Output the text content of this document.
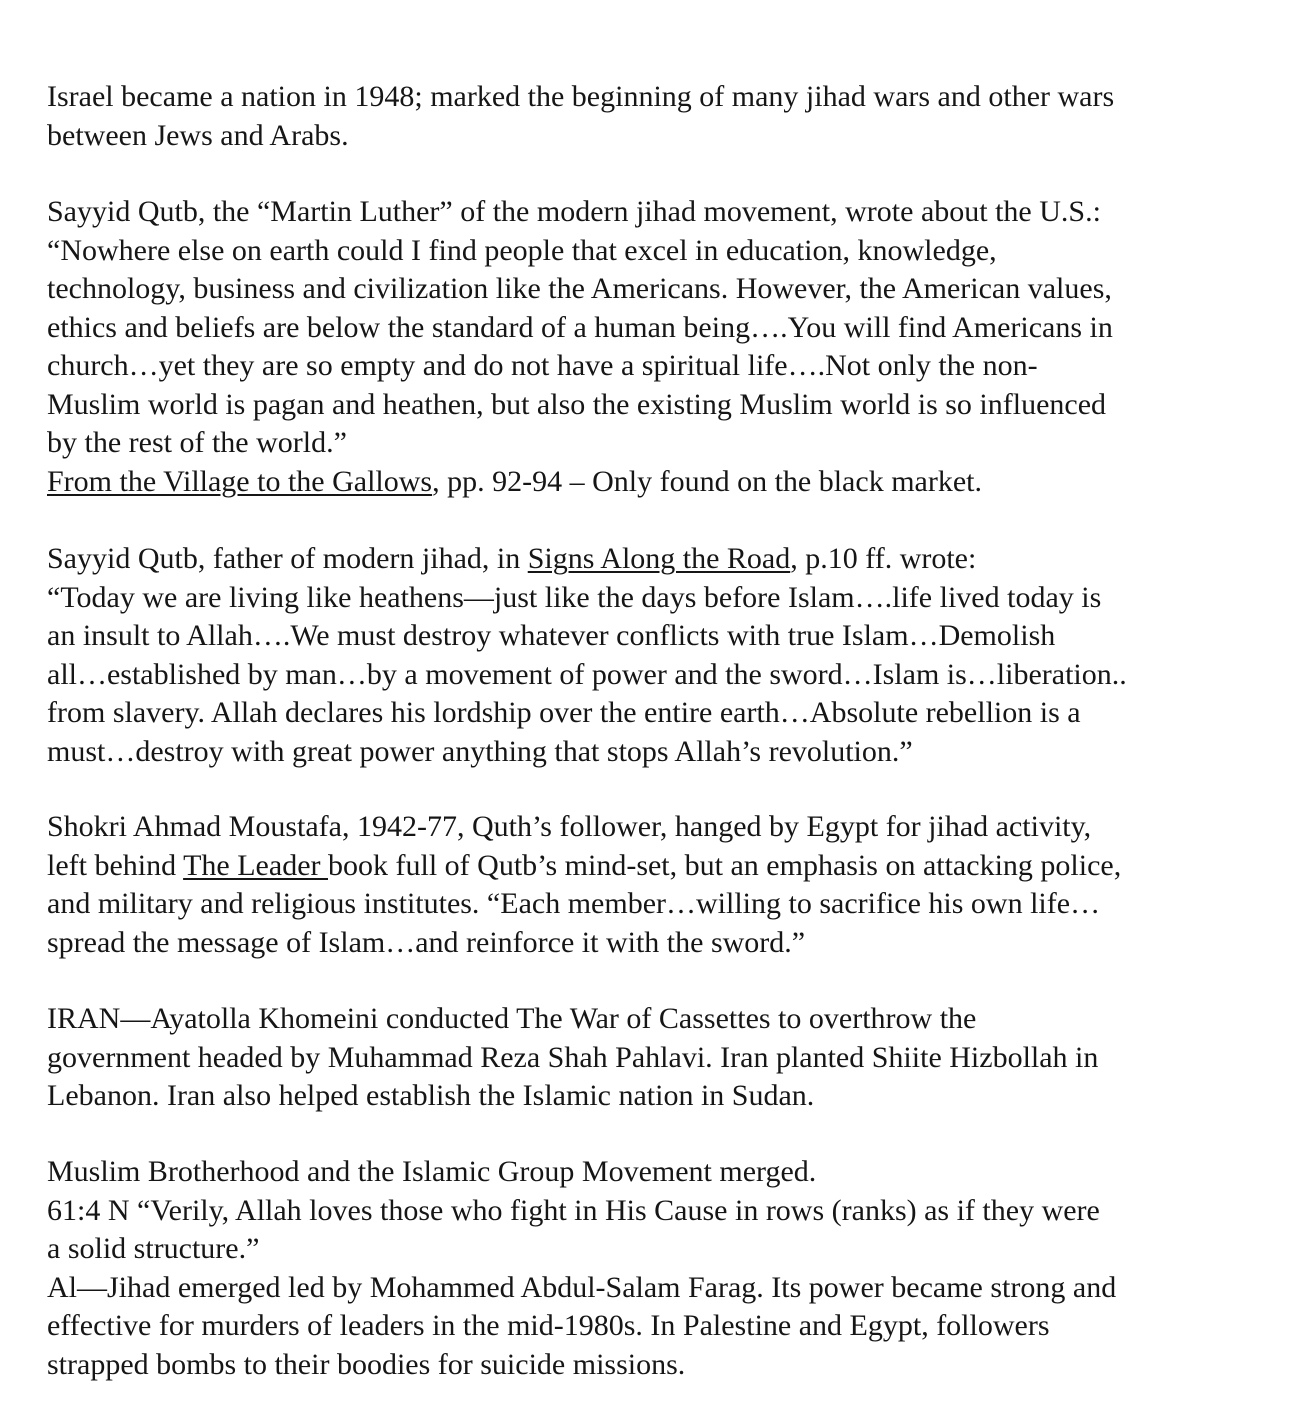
Israel became a nation in 1948; marked the beginning of many jihad wars and other wars
between Jews and Arabs.
Sayyid Qutb, the “Martin Luther” of the modern jihad movement, wrote about the U.S.:
“Nowhere else on earth could I find people that excel in education, knowledge,
technology, business and civilization like the Americans. However, the American values,
ethics and beliefs are below the standard of a human being….You will find Americans in
church…yet they are so empty and do not have a spiritual life….Not only the non-
Muslim world is pagan and heathen, but also the existing Muslim world is so influenced
by the rest of the world.”
From the Village to the Gallows, pp. 92-94 – Only found on the black market.
Sayyid Qutb, father of modern jihad, in Signs Along the Road, p.10 ff. wrote:
“Today we are living like heathens—just like the days before Islam….life lived today is
an insult to Allah….We must destroy whatever conflicts with true Islam…Demolish
all…established by man…by a movement of power and the sword…Islam is…liberation..
from slavery. Allah declares his lordship over the entire earth…Absolute rebellion is a
must…destroy with great power anything that stops Allah’s revolution.”
Shokri Ahmad Moustafa, 1942-77, Quth’s follower, hanged by Egypt for jihad activity,
left behind The Leader book full of Qutb’s mind-set, but an emphasis on attacking police,
and military and religious institutes. “Each member…willing to sacrifice his own life…
spread the message of Islam…and reinforce it with the sword.”
IRAN—Ayatolla Khomeini conducted The War of Cassettes to overthrow the
government headed by Muhammad Reza Shah Pahlavi. Iran planted Shiite Hizbollah in
Lebanon. Iran also helped establish the Islamic nation in Sudan.
Muslim Brotherhood and the Islamic Group Movement merged.
61:4 N “Verily, Allah loves those who fight in His Cause in rows (ranks) as if they were
a solid structure.”
Al—Jihad emerged led by Mohammed Abdul-Salam Farag. Its power became strong and
effective for murders of leaders in the mid-1980s. In Palestine and Egypt, followers
strapped bombs to their boodies for suicide missions.
